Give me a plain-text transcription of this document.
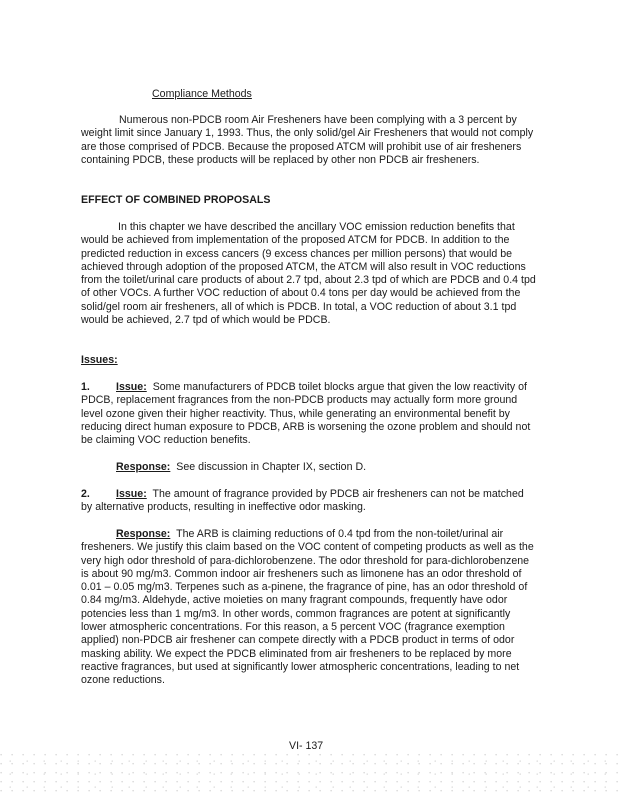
Compliance Methods

Numerous non-PDCB room Air Fresheners have been complying with a 3 percent by weight limit since January 1, 1993. Thus, the only solid/gel Air Fresheners that would not comply are those comprised of PDCB. Because the proposed ATCM will prohibit use of air fresheners containing PDCB, these products will be replaced by other non PDCB air fresheners.

EFFECT OF COMBINED PROPOSALS

In this chapter we have described the ancillary VOC emission reduction benefits that would be achieved from implementation of the proposed ATCM for PDCB. In addition to the predicted reduction in excess cancers (9 excess chances per million persons) that would be achieved through adoption of the proposed ATCM, the ATCM will also result in VOC reductions from the toilet/urinal care products of about 2.7 tpd, about 2.3 tpd of which are PDCB and 0.4 tpd of other VOCs. A further VOC reduction of about 0.4 tons per day would be achieved from the solid/gel room air fresheners, all of which is PDCB. In total, a VOC reduction of about 3.1 tpd would be achieved, 2.7 tpd of which would be PDCB.

Issues:

1. Issue: Some manufacturers of PDCB toilet blocks argue that given the low reactivity of PDCB, replacement fragrances from the non-PDCB products may actually form more ground level ozone given their higher reactivity. Thus, while generating an environmental benefit by reducing direct human exposure to PDCB, ARB is worsening the ozone problem and should not be claiming VOC reduction benefits.

Response: See discussion in Chapter IX, section D.

2. Issue: The amount of fragrance provided by PDCB air fresheners can not be matched by alternative products, resulting in ineffective odor masking.

Response: The ARB is claiming reductions of 0.4 tpd from the non-toilet/urinal air fresheners. We justify this claim based on the VOC content of competing products as well as the very high odor threshold of para-dichlorobenzene. The odor threshold for para-dichlorobenzene is about 90 mg/m3. Common indoor air fresheners such as limonene has an odor threshold of 0.01 – 0.05 mg/m3. Terpenes such as a-pinene, the fragrance of pine, has an odor threshold of 0.84 mg/m3. Aldehyde, active moieties on many fragrant compounds, frequently have odor potencies less than 1 mg/m3. In other words, common fragrances are potent at significantly lower atmospheric concentrations. For this reason, a 5 percent VOC (fragrance exemption applied) non-PDCB air freshener can compete directly with a PDCB product in terms of odor masking ability. We expect the PDCB eliminated from air fresheners to be replaced by more reactive fragrances, but used at significantly lower atmospheric concentrations, leading to net ozone reductions.

VI- 137
